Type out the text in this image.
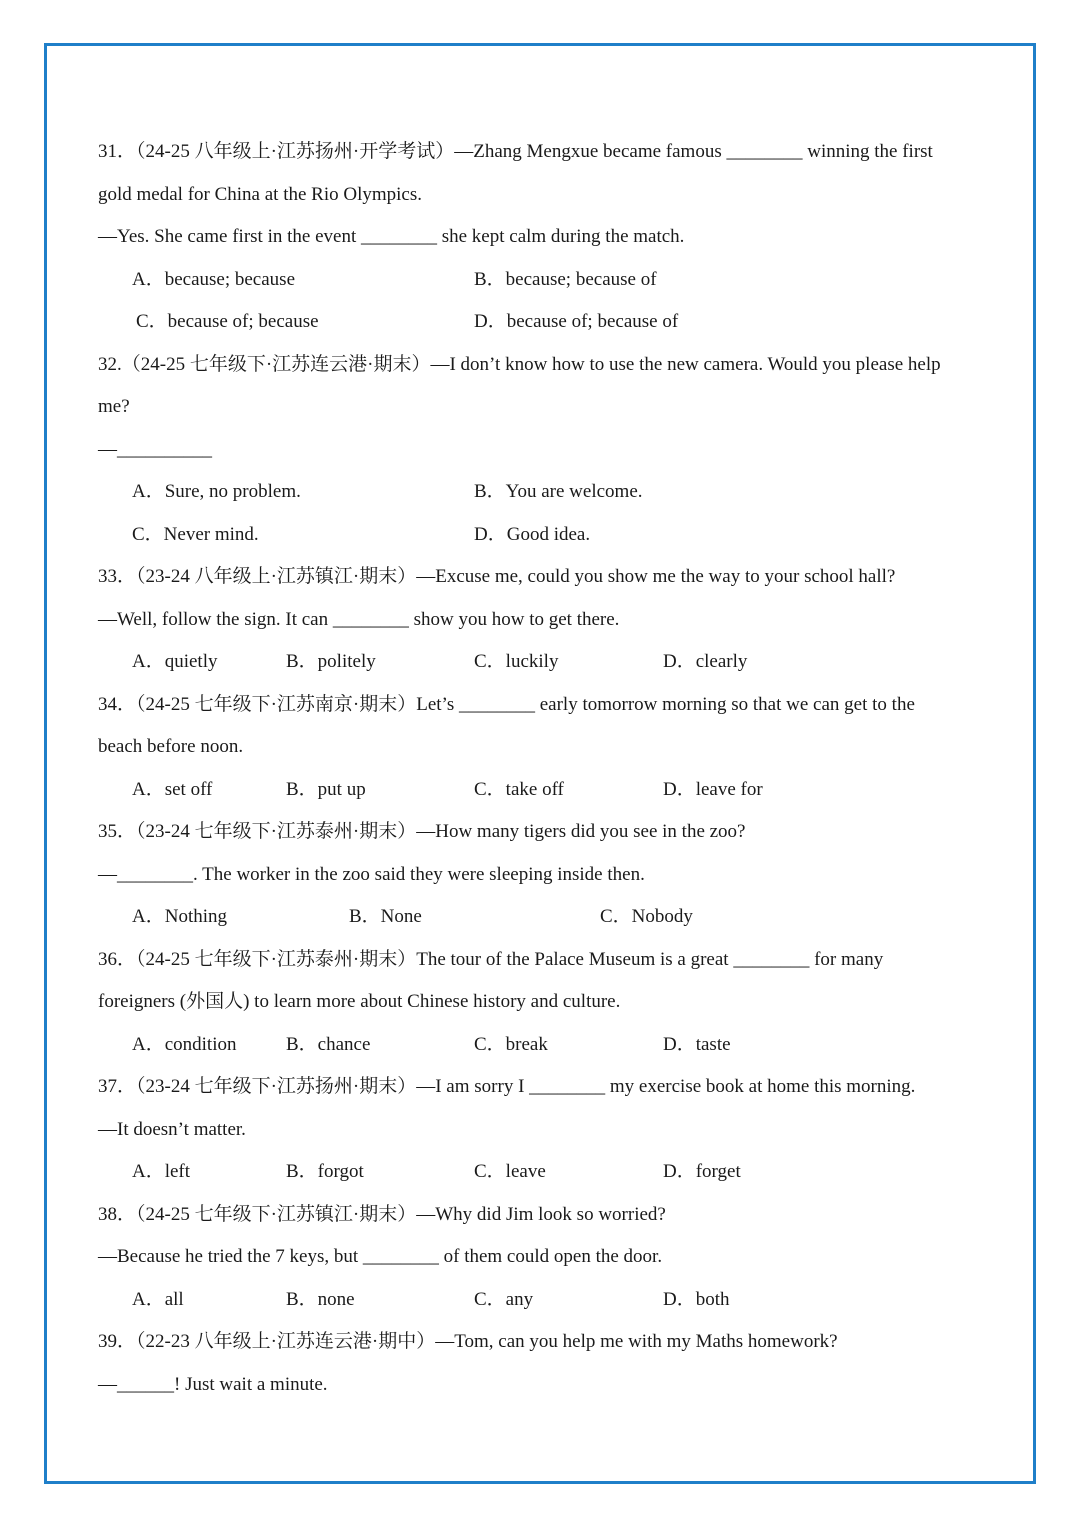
31．（24-25 八年级上·江苏扬州·开学考试）—Zhang Mengxue became famous ________ winning the first
gold medal for China at the Rio Olympics.
—Yes. She came first in the event ________ she kept calm during the match.
A．because; because	B．because; because of
C．because of; because	D．because of; because of
32.（24-25 七年级下·江苏连云港·期末）—I don’t know how to use the new camera. Would you please help
me?
—__________
A．Sure, no problem.	B．You are welcome.
C．Never mind.	D．Good idea.
33．（23-24 八年级上·江苏镇江·期末）—Excuse me, could you show me the way to your school hall?
—Well, follow the sign. It can ________ show you how to get there.
A．quietly	B．politely	C．luckily	D．clearly
34．（24-25 七年级下·江苏南京·期末）Let’s ________ early tomorrow morning so that we can get to the
beach before noon.
A．set off	B．put up	C．take off	D．leave for
35．（23-24 七年级下·江苏泰州·期末）—How many tigers did you see in the zoo?
—________. The worker in the zoo said they were sleeping inside then.
A．Nothing	B．None	C．Nobody
36．（24-25 七年级下·江苏泰州·期末）The tour of the Palace Museum is a great ________ for many
foreigners (外国人) to learn more about Chinese history and culture.
A．condition	B．chance	C．break	D．taste
37．（23-24 七年级下·江苏扬州·期末）—I am sorry I ________ my exercise book at home this morning.
—It doesn’t matter.
A．left	B．forgot	C．leave	D．forget
38．（24-25 七年级下·江苏镇江·期末）—Why did Jim look so worried?
—Because he tried the 7 keys, but ________ of them could open the door.
A．all	B．none	C．any	D．both
39．（22-23 八年级上·江苏连云港·期中）—Tom, can you help me with my Maths homework?
—______! Just wait a minute.
